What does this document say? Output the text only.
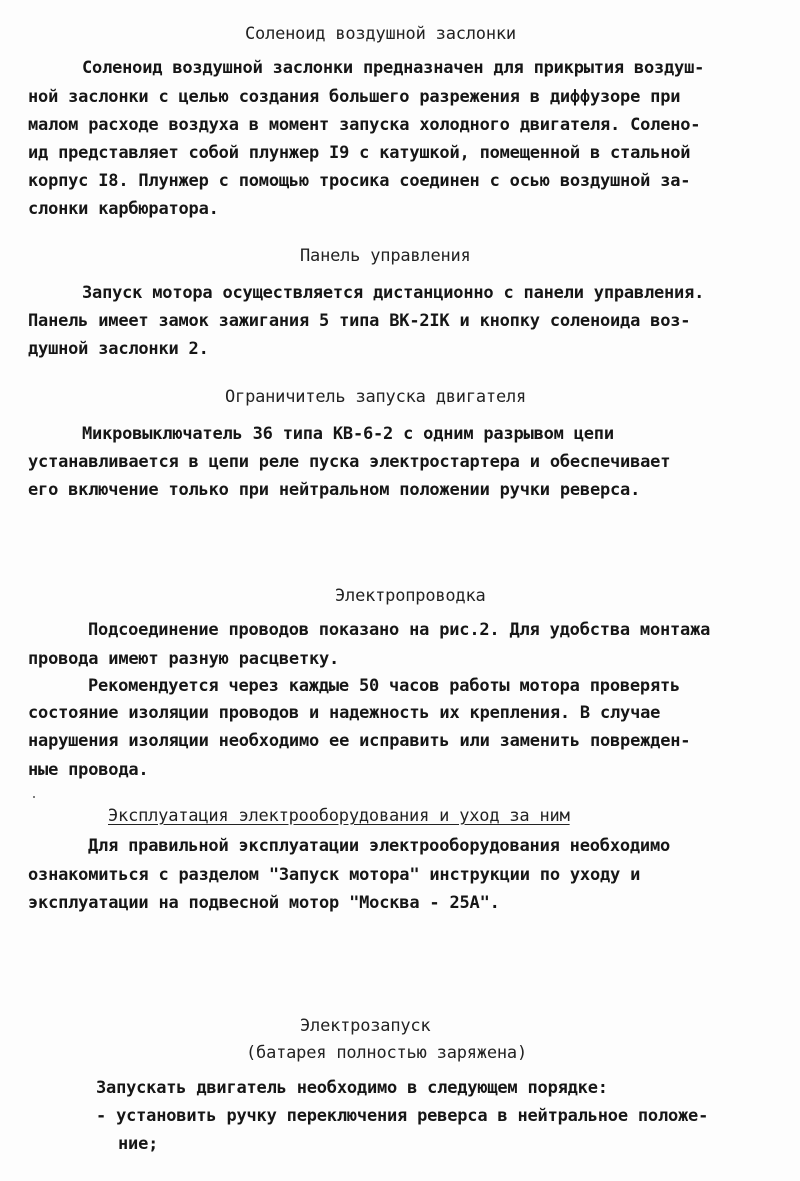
Соленоид воздушной заслонки
Соленоид воздушной заслонки предназначен для прикрытия воздуш-
ной заслонки с целью создания большего разрежения в диффузоре при
малом расходе воздуха в момент запуска холодного двигателя. Солено-
ид представляет собой плунжер I9 с катушкой, помещенной в стальной
корпус I8. Плунжер с помощью тросика соединен с осью воздушной за-
слонки карбюратора.
Панель управления
Запуск мотора осуществляется дистанционно с панели управления.
Панель имеет замок зажигания 5 типа ВК-2IК и кнопку соленоида воз-
душной заслонки 2.
Ограничитель запуска двигателя
Микровыключатель 36 типа КВ-6-2 с одним разрывом цепи
устанавливается в цепи реле пуска электростартера и обеспечивает
его включение только при нейтральном положении ручки реверса.
Электропроводка
Подсоединение проводов показано на рис.2. Для удобства монтажа
провода имеют разную расцветку.
Рекомендуется через каждые 50 часов работы мотора проверять
состояние изоляции проводов и надежность их крепления. В случае
нарушения изоляции необходимо ее исправить или заменить поврежден-
ные провода.
Эксплуатация электрооборудования и уход за ним
Для правильной эксплуатации электрооборудования необходимо
ознакомиться с разделом "Запуск мотора" инструкции по уходу и
эксплуатации на подвесной мотор "Москва - 25А".
Электрозапуск
(батарея полностью заряжена)
Запускать двигатель необходимо в следующем порядке:
- установить ручку переключения реверса в нейтральное положе-
ние;
